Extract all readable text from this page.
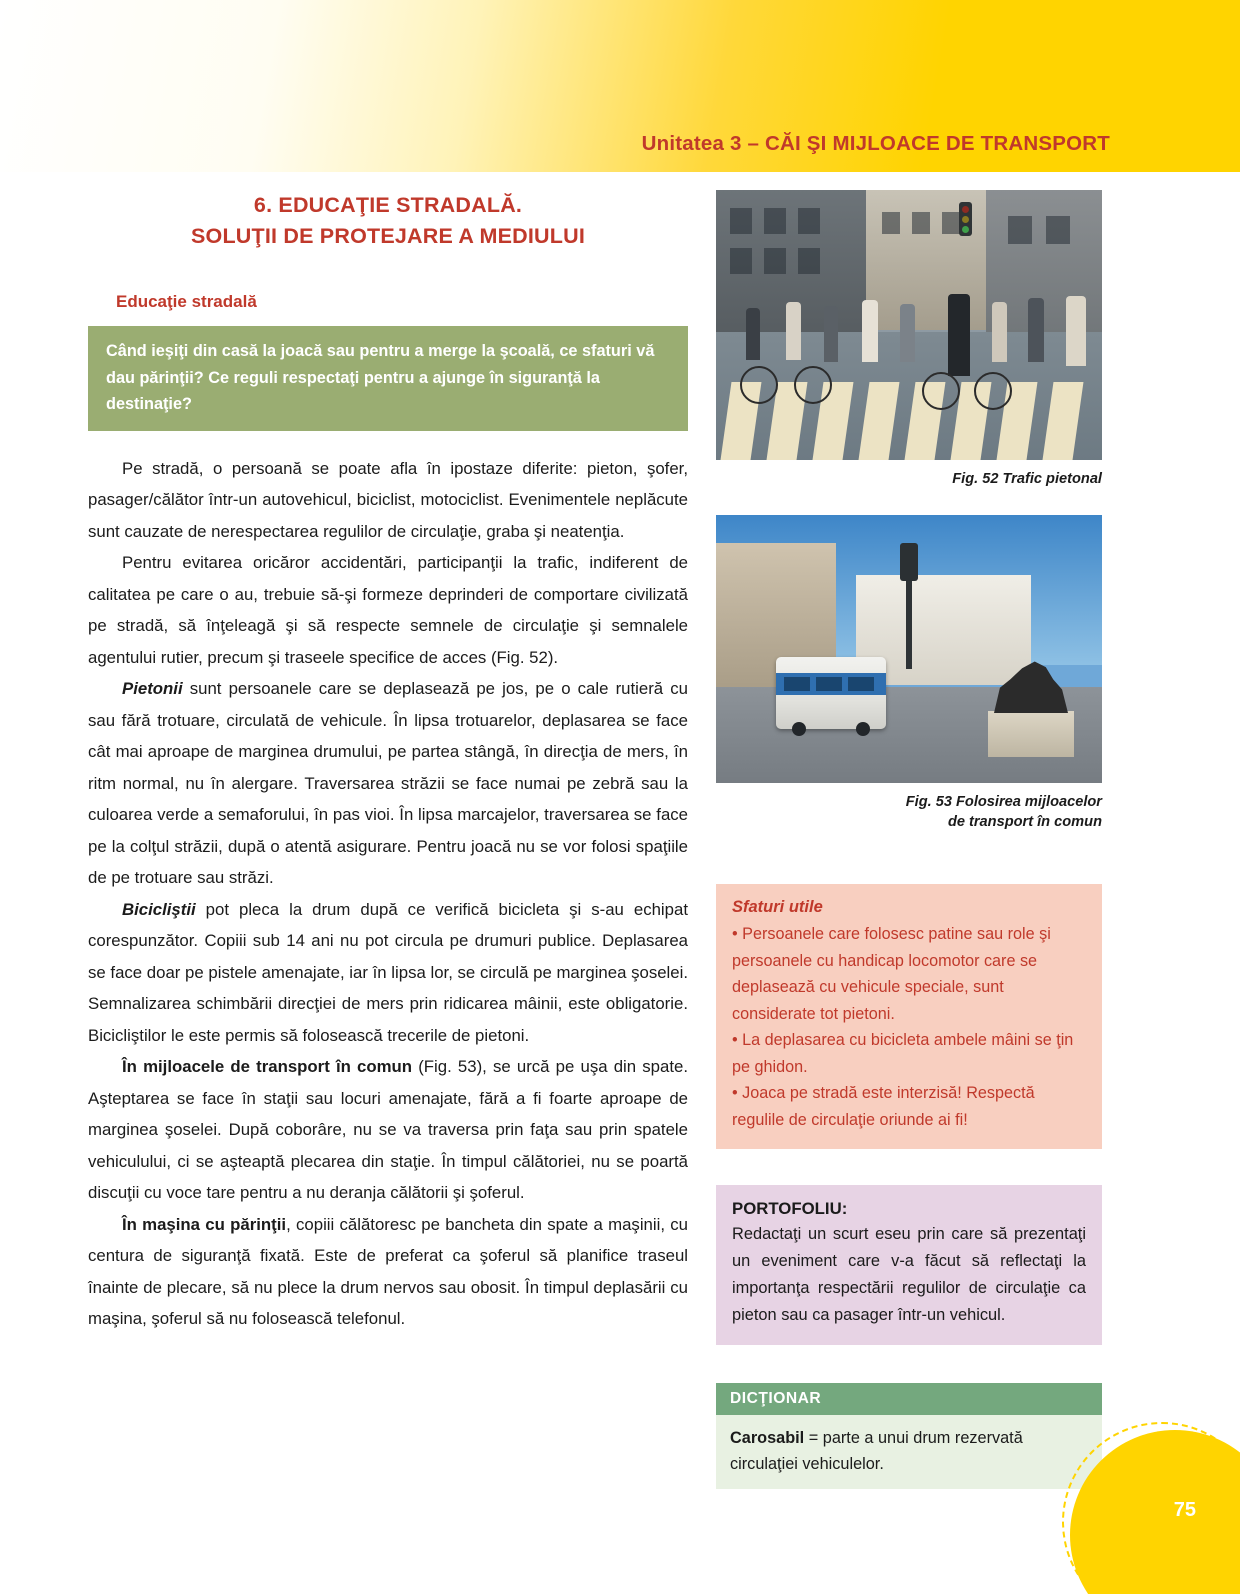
Unitatea 3 – CĂI ŞI MIJLOACE DE TRANSPORT
6. EDUCAŢIE STRADALĂ.
SOLUŢII DE PROTEJARE A MEDIULUI
Educaţie stradală
Când ieşiţi din casă la joacă sau pentru a merge la şcoală, ce sfaturi vă dau părinţii? Ce reguli respectaţi pentru a ajunge în siguranţă la destinaţie?

Pe stradă, o persoană se poate afla în ipostaze diferite: pieton, şofer, pasager/călător într-un autovehicul, biciclist, motociclist. Evenimentele neplăcute sunt cauzate de nerespectarea regulilor de circulaţie, graba şi neatenţia.

Pentru evitarea oricăror accidentări, participanţii la trafic, indiferent de calitatea pe care o au, trebuie să-şi formeze deprinderi de comportare civilizată pe stradă, să înţeleagă şi să respecte semnele de circulaţie şi semnalele agentului rutier, precum şi traseele specifice de acces (Fig. 52).

Pietonii sunt persoanele care se deplasează pe jos, pe o cale rutieră cu sau fără trotuare, circulată de vehicule. În lipsa trotuarelor, deplasarea se face cât mai aproape de marginea drumului, pe partea stângă, în direcţia de mers, în ritm normal, nu în alergare. Traversarea străzii se face numai pe zebră sau la culoarea verde a semaforului, în pas vioi. În lipsa marcajelor, traversarea se face pe la colţul străzii, după o atentă asigurare. Pentru joacă nu se vor folosi spaţiile de pe trotuare sau străzi.

Bicicliştii pot pleca la drum după ce verifică bicicleta şi s-au echipat corespunzător. Copiii sub 14 ani nu pot circula pe drumuri publice. Deplasarea se face doar pe pistele amenajate, iar în lipsa lor, se circulă pe marginea şoselei. Semnalizarea schimbării direcţiei de mers prin ridicarea mâinii, este obligatorie. Bicicliştilor le este permis să folosească trecerile de pietoni.

În mijloacele de transport în comun (Fig. 53), se urcă pe uşa din spate. Aşteptarea se face în staţii sau locuri amenajate, fără a fi foarte aproape de marginea şoselei. După coborâre, nu se va traversa prin faţa sau prin spatele vehiculului, ci se aşteaptă plecarea din staţie. În timpul călătoriei, nu se poartă discuţii cu voce tare pentru a nu deranja călătorii şi şoferul.

În maşina cu părinţii, copiii călătoresc pe bancheta din spate a maşinii, cu centura de siguranţă fixată. Este de preferat ca şoferul să planifice traseul înainte de plecare, să nu plece la drum nervos sau obosit. În timpul deplasării cu maşina, şoferul să nu folosească telefonul.

Fig. 52 Trafic pietonal
Fig. 53 Folosirea mijloacelor
de transport în comun
Sfaturi utile

• Persoanele care folosesc patine sau role şi persoanele cu handicap locomotor care se deplasează cu vehicule speciale, sunt considerate tot pietoni.

• La deplasarea cu bicicleta ambele mâini se ţin pe ghidon.

• Joaca pe stradă este interzisă! Respectă regulile de circulaţie oriunde ai fi!

PORTOFOLIU:
Redactaţi un scurt eseu prin care să prezentaţi un eveniment care v-a făcut să reflectaţi la importanţa respectării regulilor de circulaţie ca pieton sau ca pasager într-un vehicul.
DICŢIONAR
Carosabil = parte a unui drum rezervată circulaţiei vehiculelor.
75
